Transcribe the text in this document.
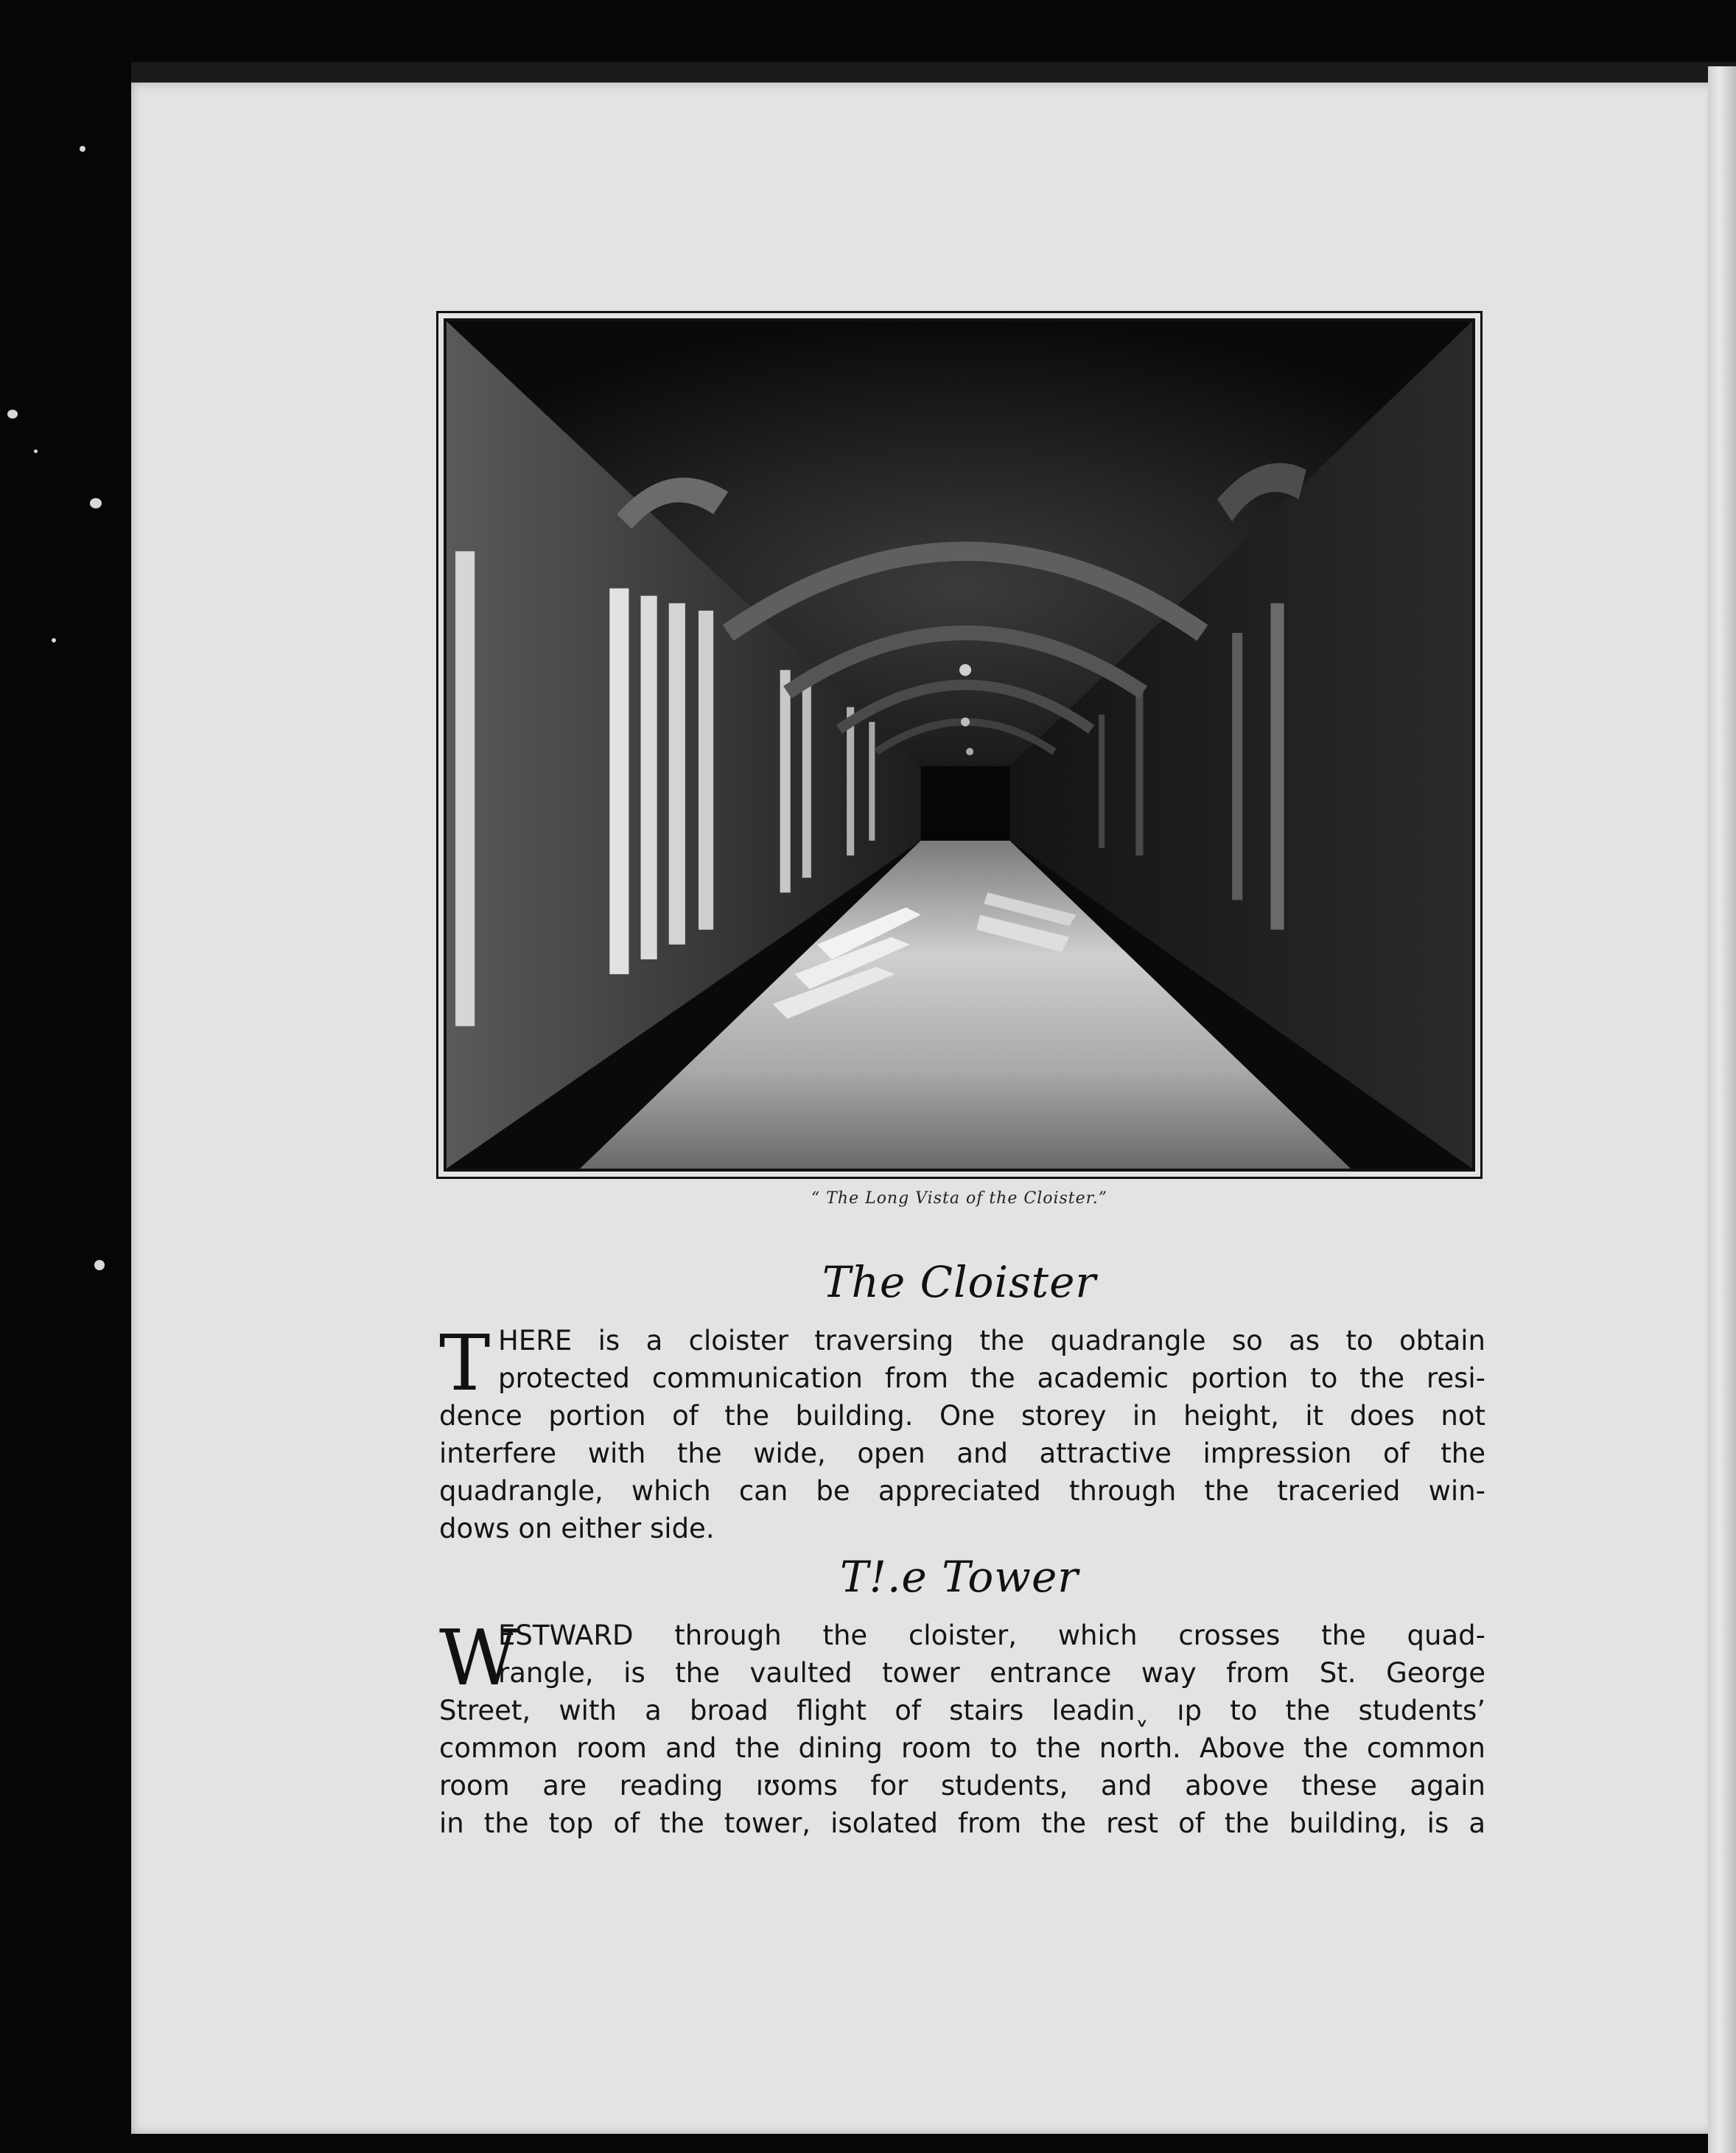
“ The Long Vista of the Cloister.”
The Cloister
T HERE is a cloister traversing the quadrangle so as to obtain
protected communication from the academic portion to the resi-
dence portion of the building. One storey in height, it does not
interfere with the wide, open and attractive impression of the
quadrangle, which can be appreciated through the traceried win-
dows on either side.
T!.e Tower
W
ESTWARD through the cloister, which crosses the quad-
rangle, is the vaulted tower entrance way from St. George
Street, with a broad flight of stairs leadinˬ ıp to the students’
common room and the dining room to the north. Above the common
room are reading ıʊoms for students, and above these again
in the top of the tower, isolated from the rest of the building, is a
